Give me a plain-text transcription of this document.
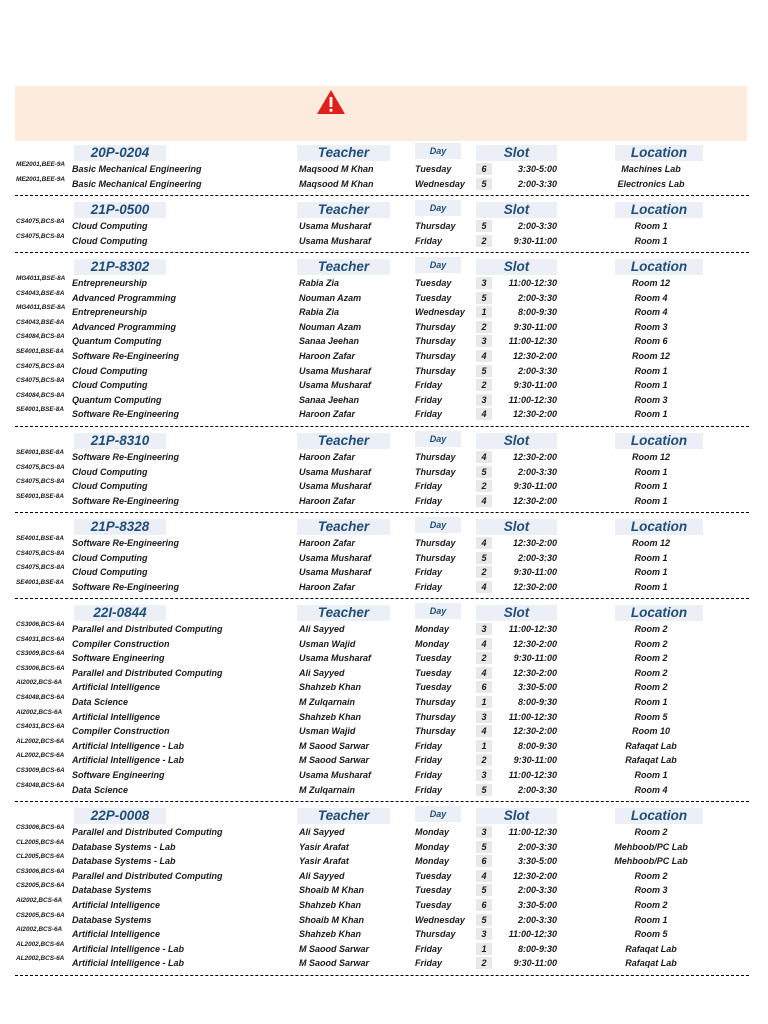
20P-0204	Teacher	Day	Slot	Location
ME2001,BEE-9A Basic Mechanical Engineering	Maqsood M Khan	Tuesday	6	3:30-5:00	Machines Lab
ME2001,BEE-9A Basic Mechanical Engineering	Maqsood M Khan	Wednesday	5	2:00-3:30	Electronics Lab
21P-0500	Teacher	Day	Slot	Location
CS4075,BCS-8A Cloud Computing	Usama Musharaf	Thursday	5	2:00-3:30	Room 1
CS4075,BCS-8A Cloud Computing	Usama Musharaf	Friday	2	9:30-11:00	Room 1
21P-8302	Teacher	Day	Slot	Location
MG4011,BSE-8A Entrepreneurship	Rabia Zia	Tuesday	3	11:00-12:30	Room 12
CS4043,BSE-8A Advanced Programming	Nouman Azam	Tuesday	5	2:00-3:30	Room 4
MG4011,BSE-8A Entrepreneurship	Rabia Zia	Wednesday	1	8:00-9:30	Room 4
CS4043,BSE-8A Advanced Programming	Nouman Azam	Thursday	2	9:30-11:00	Room 3
CS4084,BCS-8A Quantum Computing	Sanaa Jeehan	Thursday	3	11:00-12:30	Room 6
SE4001,BSE-8A Software Re-Engineering	Haroon Zafar	Thursday	4	12:30-2:00	Room 12
CS4075,BCS-8A Cloud Computing	Usama Musharaf	Thursday	5	2:00-3:30	Room 1
CS4075,BCS-8A Cloud Computing	Usama Musharaf	Friday	2	9:30-11:00	Room 1
CS4084,BCS-8A Quantum Computing	Sanaa Jeehan	Friday	3	11:00-12:30	Room 3
SE4001,BSE-8A Software Re-Engineering	Haroon Zafar	Friday	4	12:30-2:00	Room 1
21P-8310	Teacher	Day	Slot	Location
SE4001,BSE-8A Software Re-Engineering	Haroon Zafar	Thursday	4	12:30-2:00	Room 12
CS4075,BCS-8A Cloud Computing	Usama Musharaf	Thursday	5	2:00-3:30	Room 1
CS4075,BCS-8A Cloud Computing	Usama Musharaf	Friday	2	9:30-11:00	Room 1
SE4001,BSE-8A Software Re-Engineering	Haroon Zafar	Friday	4	12:30-2:00	Room 1
21P-8328	Teacher	Day	Slot	Location
SE4001,BSE-8A Software Re-Engineering	Haroon Zafar	Thursday	4	12:30-2:00	Room 12
CS4075,BCS-8A Cloud Computing	Usama Musharaf	Thursday	5	2:00-3:30	Room 1
CS4075,BCS-8A Cloud Computing	Usama Musharaf	Friday	2	9:30-11:00	Room 1
SE4001,BSE-8A Software Re-Engineering	Haroon Zafar	Friday	4	12:30-2:00	Room 1
22I-0844	Teacher	Day	Slot	Location
CS3006,BCS-6A Parallel and Distributed Computing	Ali Sayyed	Monday	3	11:00-12:30	Room 2
CS4031,BCS-6A Compiler Construction	Usman Wajid	Monday	4	12:30-2:00	Room 2
CS3009,BCS-6A Software Engineering	Usama Musharaf	Tuesday	2	9:30-11:00	Room 2
CS3006,BCS-6A Parallel and Distributed Computing	Ali Sayyed	Tuesday	4	12:30-2:00	Room 2
AI2002,BCS-6A Artificial Intelligence	Shahzeb Khan	Tuesday	6	3:30-5:00	Room 2
CS4048,BCS-6A Data Science	M Zulqarnain	Thursday	1	8:00-9:30	Room 1
AI2002,BCS-6A Artificial Intelligence	Shahzeb Khan	Thursday	3	11:00-12:30	Room 5
CS4031,BCS-6A Compiler Construction	Usman Wajid	Thursday	4	12:30-2:00	Room 10
AL2002,BCS-6A Artificial Intelligence - Lab	M Saood Sarwar	Friday	1	8:00-9:30	Rafaqat Lab
AL2002,BCS-6A Artificial Intelligence - Lab	M Saood Sarwar	Friday	2	9:30-11:00	Rafaqat Lab
CS3009,BCS-6A Software Engineering	Usama Musharaf	Friday	3	11:00-12:30	Room 1
CS4048,BCS-6A Data Science	M Zulqarnain	Friday	5	2:00-3:30	Room 4
22P-0008	Teacher	Day	Slot	Location
CS3006,BCS-6A Parallel and Distributed Computing	Ali Sayyed	Monday	3	11:00-12:30	Room 2
CL2005,BCS-6A Database Systems - Lab	Yasir Arafat	Monday	5	2:00-3:30	Mehboob/PC Lab
CL2005,BCS-6A Database Systems - Lab	Yasir Arafat	Monday	6	3:30-5:00	Mehboob/PC Lab
CS3006,BCS-6A Parallel and Distributed Computing	Ali Sayyed	Tuesday	4	12:30-2:00	Room 2
CS2005,BCS-6A Database Systems	Shoaib M Khan	Tuesday	5	2:00-3:30	Room 3
AI2002,BCS-6A Artificial Intelligence	Shahzeb Khan	Tuesday	6	3:30-5:00	Room 2
CS2005,BCS-6A Database Systems	Shoaib M Khan	Wednesday	5	2:00-3:30	Room 1
AI2002,BCS-6A Artificial Intelligence	Shahzeb Khan	Thursday	3	11:00-12:30	Room 5
AL2002,BCS-6A Artificial Intelligence - Lab	M Saood Sarwar	Friday	1	8:00-9:30	Rafaqat Lab
AL2002,BCS-6A Artificial Intelligence - Lab	M Saood Sarwar	Friday	2	9:30-11:00	Rafaqat Lab
